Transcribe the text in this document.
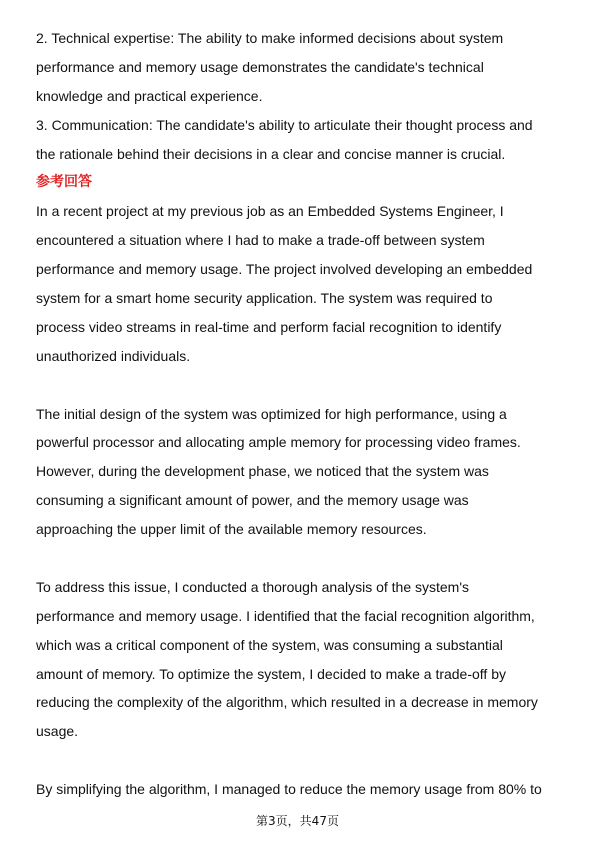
2. Technical expertise: The ability to make informed decisions about system
performance and memory usage demonstrates the candidate's technical
knowledge and practical experience.
3. Communication: The candidate's ability to articulate their thought process and
the rationale behind their decisions in a clear and concise manner is crucial.
参考回答
In a recent project at my previous job as an Embedded Systems Engineer, I
encountered a situation where I had to make a trade-off between system
performance and memory usage. The project involved developing an embedded
system for a smart home security application. The system was required to
process video streams in real-time and perform facial recognition to identify
unauthorized individuals.
The initial design of the system was optimized for high performance, using a
powerful processor and allocating ample memory for processing video frames.
However, during the development phase, we noticed that the system was
consuming a significant amount of power, and the memory usage was
approaching the upper limit of the available memory resources.
To address this issue, I conducted a thorough analysis of the system's
performance and memory usage. I identified that the facial recognition algorithm,
which was a critical component of the system, was consuming a substantial
amount of memory. To optimize the system, I decided to make a trade-off by
reducing the complexity of the algorithm, which resulted in a decrease in memory
usage.
By simplifying the algorithm, I managed to reduce the memory usage from 80% to
第3页，共47页
